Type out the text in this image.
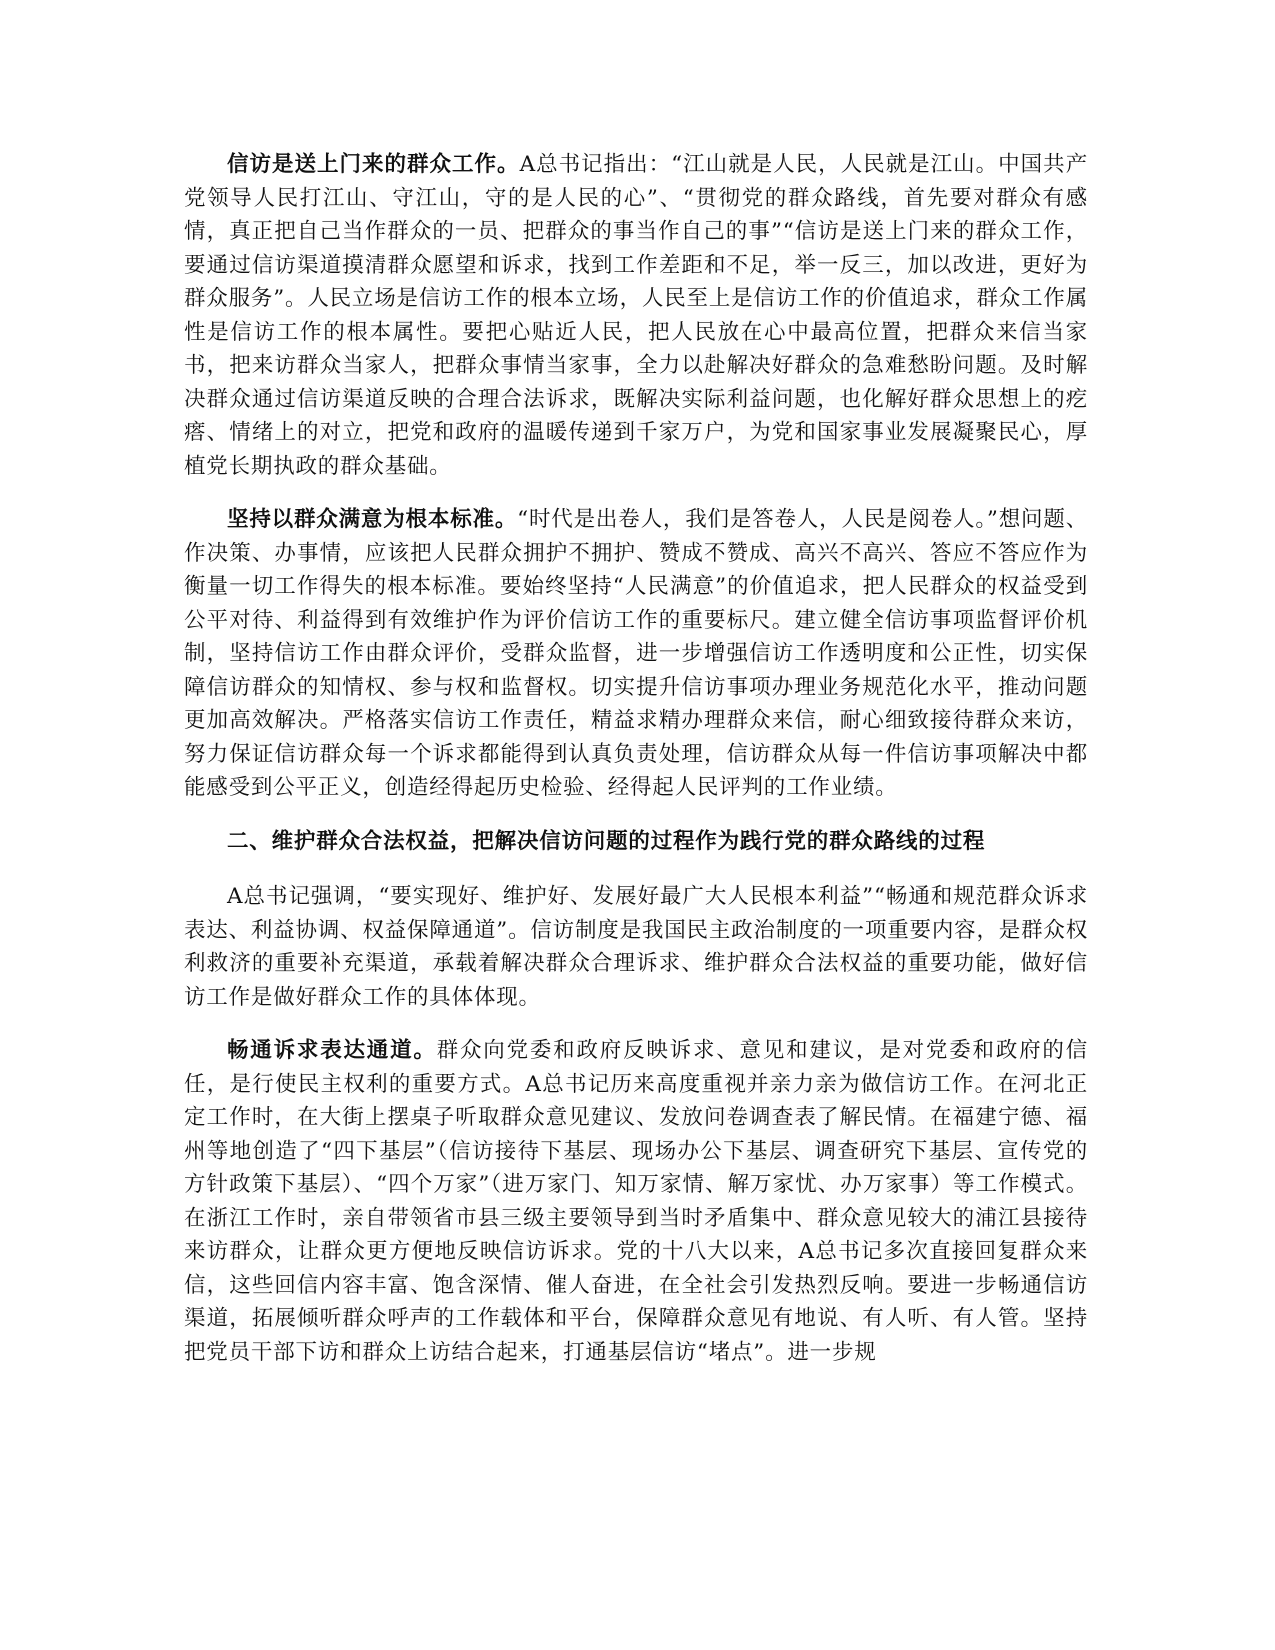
信访是送上门来的群众工作。A总书记指出：“江山就是人民，人民就是江山。中国共产党领导人民打江山、守江山，守的是人民的心”、“贯彻党的群众路线，首先要对群众有感情，真正把自己当作群众的一员、把群众的事当作自己的事”“信访是送上门来的群众工作，要通过信访渠道摸清群众愿望和诉求，找到工作差距和不足，举一反三，加以改进，更好为群众服务”。人民立场是信访工作的根本立场，人民至上是信访工作的价值追求，群众工作属性是信访工作的根本属性。要把心贴近人民，把人民放在心中最高位置，把群众来信当家书，把来访群众当家人，把群众事情当家事，全力以赴解决好群众的急难愁盼问题。及时解决群众通过信访渠道反映的合理合法诉求，既解决实际利益问题，也化解好群众思想上的疙瘩、情绪上的对立，把党和政府的温暖传递到千家万户，为党和国家事业发展凝聚民心，厚植党长期执政的群众基础。

坚持以群众满意为根本标准。“时代是出卷人，我们是答卷人，人民是阅卷人。”想问题、作决策、办事情，应该把人民群众拥护不拥护、赞成不赞成、高兴不高兴、答应不答应作为衡量一切工作得失的根本标准。要始终坚持“人民满意”的价值追求，把人民群众的权益受到公平对待、利益得到有效维护作为评价信访工作的重要标尺。建立健全信访事项监督评价机制，坚持信访工作由群众评价，受群众监督，进一步增强信访工作透明度和公正性，切实保障信访群众的知情权、参与权和监督权。切实提升信访事项办理业务规范化水平，推动问题更加高效解决。严格落实信访工作责任，精益求精办理群众来信，耐心细致接待群众来访，努力保证信访群众每一个诉求都能得到认真负责处理，信访群众从每一件信访事项解决中都能感受到公平正义，创造经得起历史检验、经得起人民评判的工作业绩。

二、维护群众合法权益，把解决信访问题的过程作为践行党的群众路线的过程

A总书记强调，“要实现好、维护好、发展好最广大人民根本利益”“畅通和规范群众诉求表达、利益协调、权益保障通道”。信访制度是我国民主政治制度的一项重要内容，是群众权利救济的重要补充渠道，承载着解决群众合理诉求、维护群众合法权益的重要功能，做好信访工作是做好群众工作的具体体现。

畅通诉求表达通道。群众向党委和政府反映诉求、意见和建议，是对党委和政府的信任，是行使民主权利的重要方式。A总书记历来高度重视并亲力亲为做信访工作。在河北正定工作时，在大街上摆桌子听取群众意见建议、发放问卷调查表了解民情。在福建宁德、福州等地创造了“四下基层”（信访接待下基层、现场办公下基层、调查研究下基层、宣传党的方针政策下基层）、“四个万家”（进万家门、知万家情、解万家忧、办万家事）等工作模式。在浙江工作时，亲自带领省市县三级主要领导到当时矛盾集中、群众意见较大的浦江县接待来访群众，让群众更方便地反映信访诉求。党的十八大以来，A总书记多次直接回复群众来信，这些回信内容丰富、饱含深情、催人奋进，在全社会引发热烈反响。要进一步畅通信访渠道，拓展倾听群众呼声的工作载体和平台，保障群众意见有地说、有人听、有人管。坚持把党员干部下访和群众上访结合起来，打通基层信访“堵点”。进一步规
